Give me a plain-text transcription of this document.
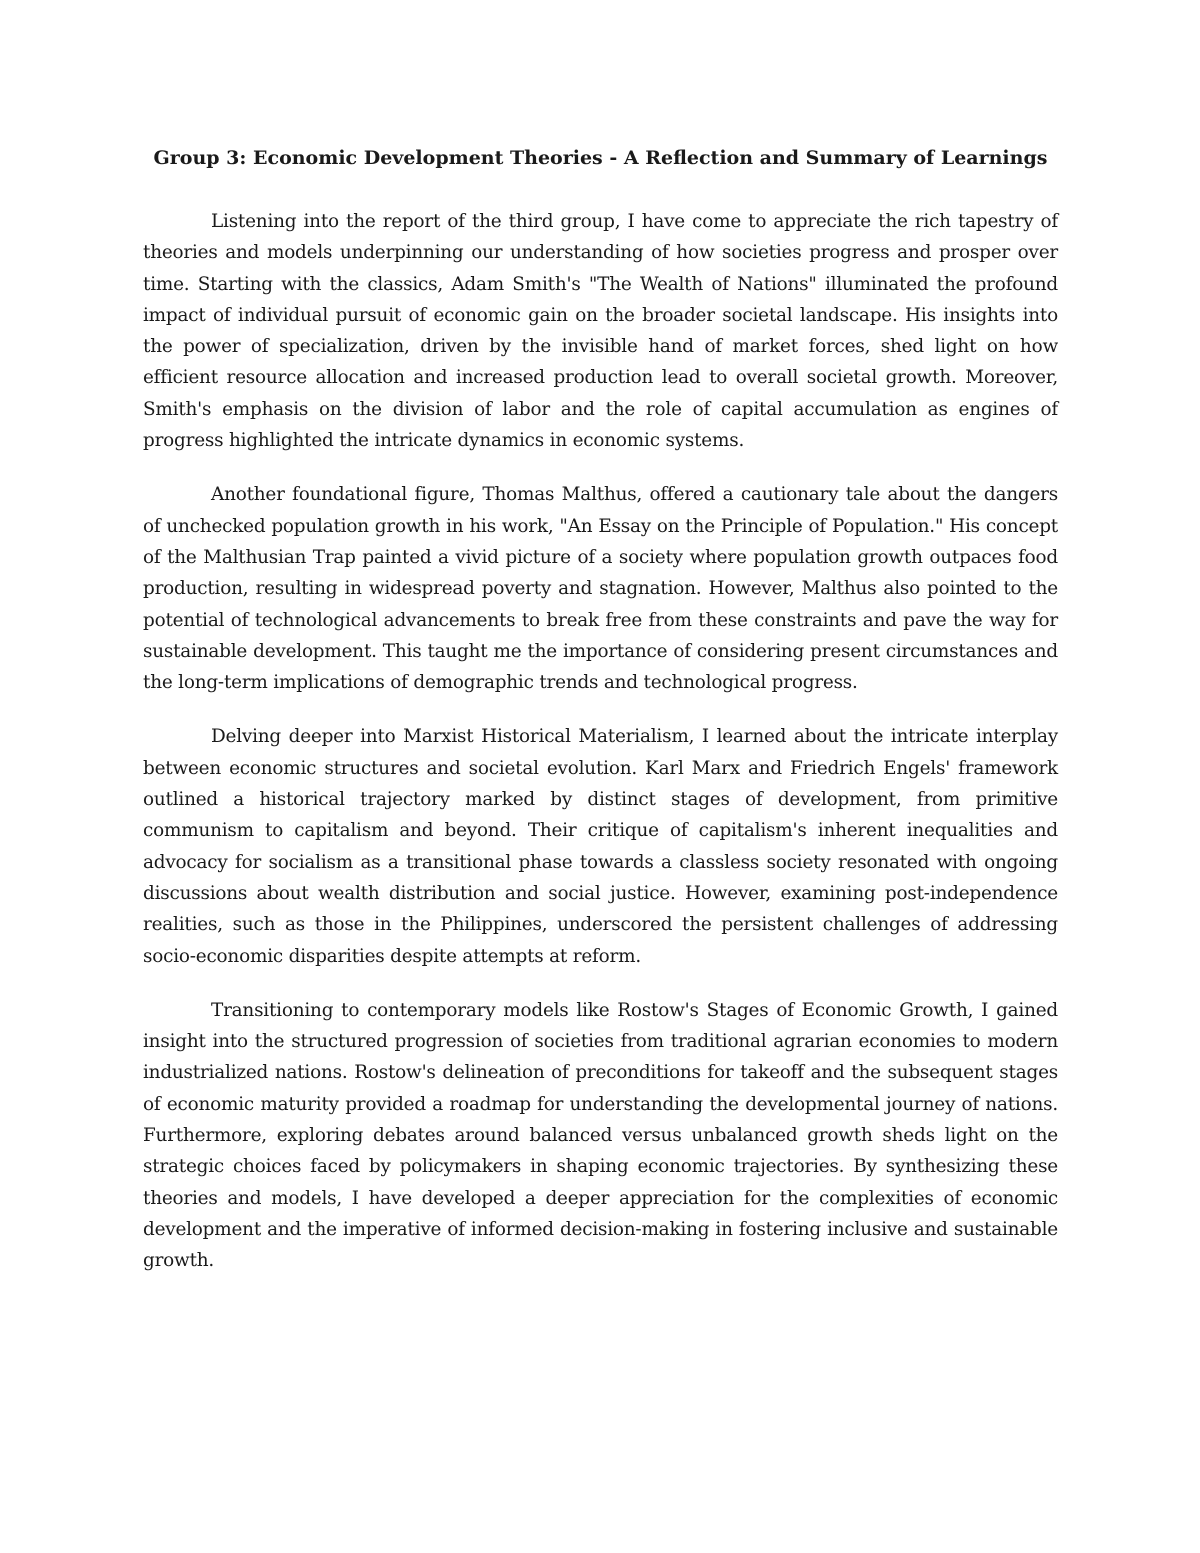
Group 3: Economic Development Theories - A Reflection and Summary of Learnings

Listening into the report of the third group, I have come to appreciate the rich tapestry of theories and models underpinning our understanding of how societies progress and prosper over time. Starting with the classics, Adam Smith's "The Wealth of Nations" illuminated the profound impact of individual pursuit of economic gain on the broader societal landscape. His insights into the power of specialization, driven by the invisible hand of market forces, shed light on how efficient resource allocation and increased production lead to overall societal growth. Moreover, Smith's emphasis on the division of labor and the role of capital accumulation as engines of progress highlighted the intricate dynamics in economic systems.

Another foundational figure, Thomas Malthus, offered a cautionary tale about the dangers of unchecked population growth in his work, "An Essay on the Principle of Population." His concept of the Malthusian Trap painted a vivid picture of a society where population growth outpaces food production, resulting in widespread poverty and stagnation. However, Malthus also pointed to the potential of technological advancements to break free from these constraints and pave the way for sustainable development. This taught me the importance of considering present circumstances and the long-term implications of demographic trends and technological progress.

Delving deeper into Marxist Historical Materialism, I learned about the intricate interplay between economic structures and societal evolution. Karl Marx and Friedrich Engels' framework outlined a historical trajectory marked by distinct stages of development, from primitive communism to capitalism and beyond. Their critique of capitalism's inherent inequalities and advocacy for socialism as a transitional phase towards a classless society resonated with ongoing discussions about wealth distribution and social justice. However, examining post-independence realities, such as those in the Philippines, underscored the persistent challenges of addressing socio-economic disparities despite attempts at reform.

Transitioning to contemporary models like Rostow's Stages of Economic Growth, I gained insight into the structured progression of societies from traditional agrarian economies to modern industrialized nations. Rostow's delineation of preconditions for takeoff and the subsequent stages of economic maturity provided a roadmap for understanding the developmental journey of nations. Furthermore, exploring debates around balanced versus unbalanced growth sheds light on the strategic choices faced by policymakers in shaping economic trajectories. By synthesizing these theories and models, I have developed a deeper appreciation for the complexities of economic development and the imperative of informed decision-making in fostering inclusive and sustainable growth.
